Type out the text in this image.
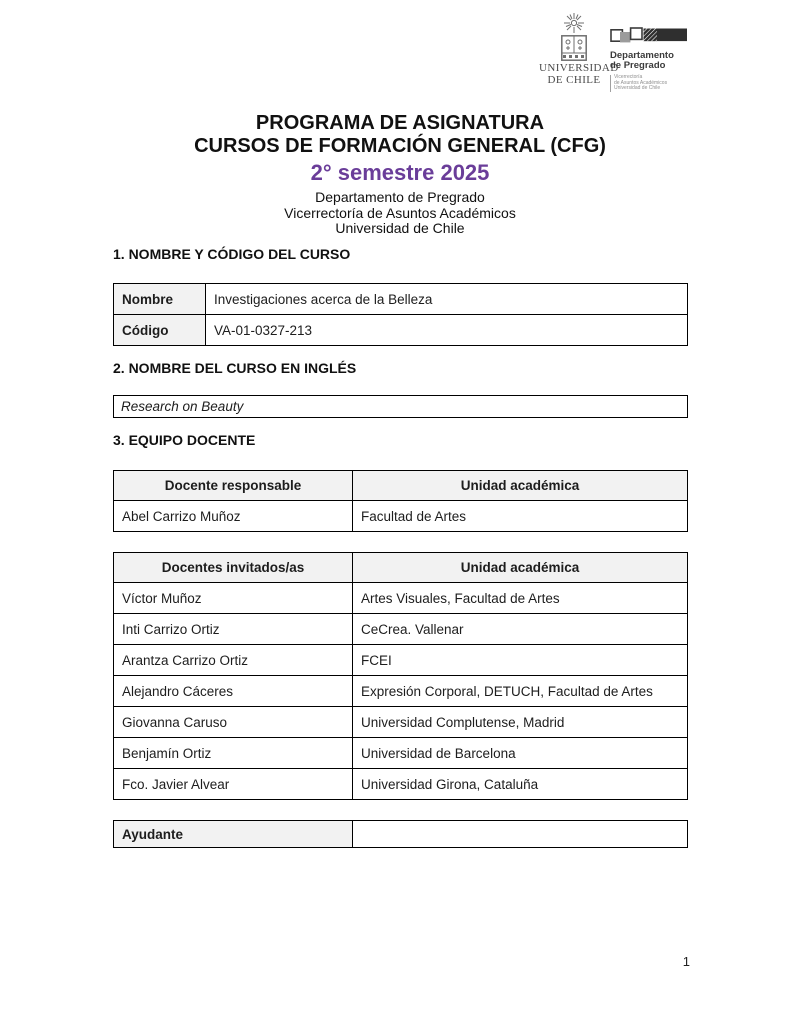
UNIVERSIDAD
DE CHILE
Departamento
de Pregrado
Vicerrectoría
de Asuntos Académicos
Universidad de Chile
PROGRAMA DE ASIGNATURA
CURSOS DE FORMACIÓN GENERAL (CFG)
2° semestre 2025
Departamento de Pregrado
Vicerrectoría de Asuntos Académicos
Universidad de Chile
1. NOMBRE Y CÓDIGO DEL CURSO
Nombre	Investigaciones acerca de la Belleza
Código	VA-01-0327-213
2. NOMBRE DEL CURSO EN INGLÉS
Research on Beauty
3. EQUIPO DOCENTE
Docente responsable	Unidad académica
Abel Carrizo Muñoz	Facultad de Artes
Docentes invitados/as	Unidad académica
Víctor Muñoz	Artes Visuales, Facultad de Artes
Inti Carrizo Ortiz	CeCrea. Vallenar
Arantza Carrizo Ortiz	FCEI
Alejandro Cáceres	Expresión Corporal, DETUCH, Facultad de Artes
Giovanna Caruso	Universidad Complutense, Madrid
Benjamín Ortiz	Universidad de Barcelona
Fco. Javier Alvear	Universidad Girona, Cataluña
Ayudante	
1
